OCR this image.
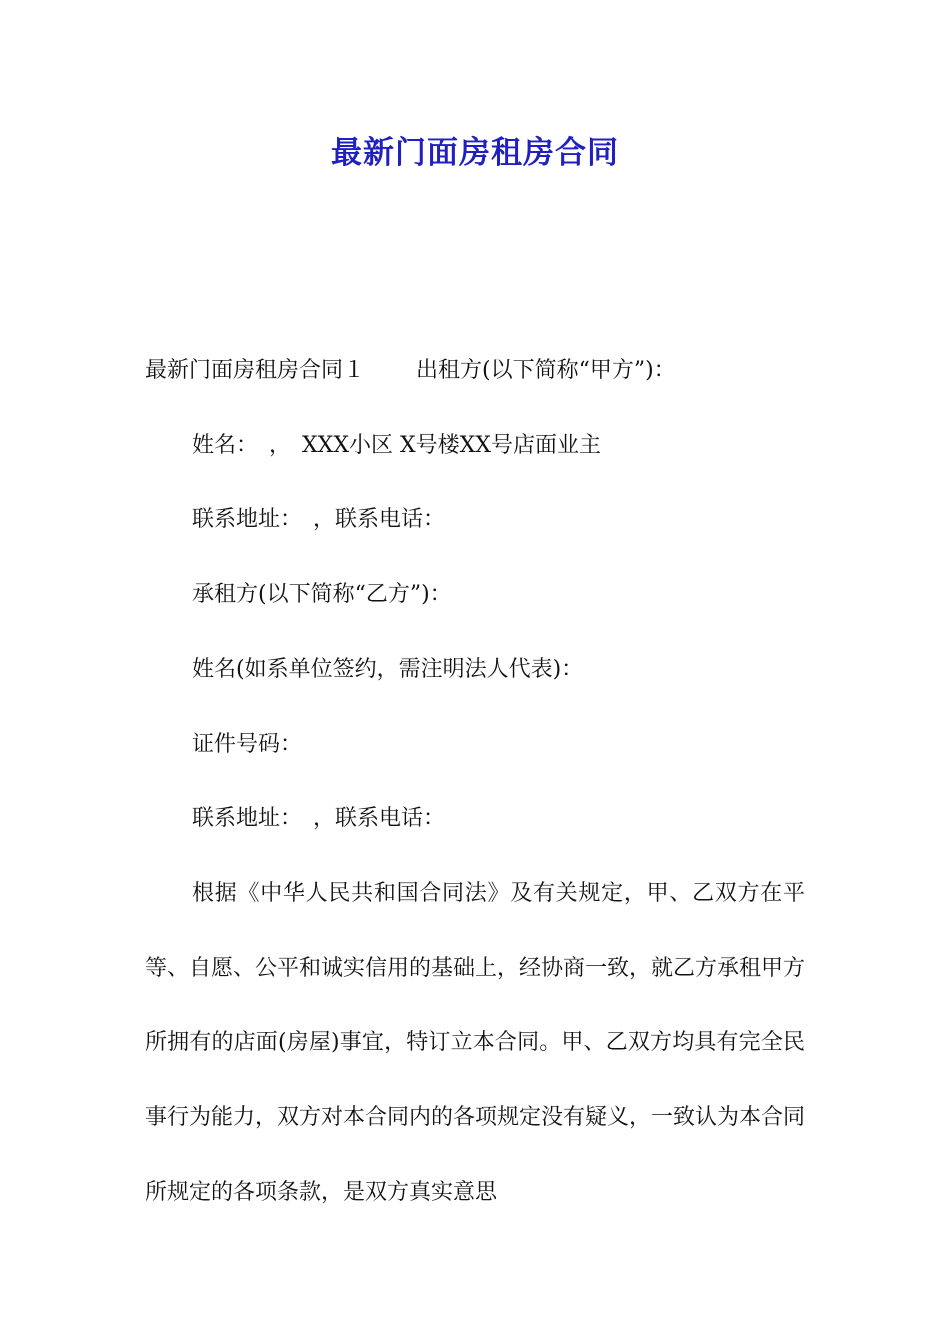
最新门面房租房合同
最新门面房租房合同１　　 出租方(以下简称“甲方”)：
姓名：　，　XXX小区 X号楼XX号店面业主
联系地址：　，联系电话：
承租方(以下简称“乙方”)：
姓名(如系单位签约，需注明法人代表)：
证件号码：
联系地址：　，联系电话：
根据《中华人民共和国合同法》及有关规定，甲、乙双方在平等、自愿、公平和诚实信用的基础上，经协商一致，就乙方承租甲方所拥有的店面(房屋)事宜，特订立本合同。甲、乙双方均具有完全民事行为能力，双方对本合同内的各项规定没有疑义，一致认为本合同所规定的各项条款，是双方真实意思
